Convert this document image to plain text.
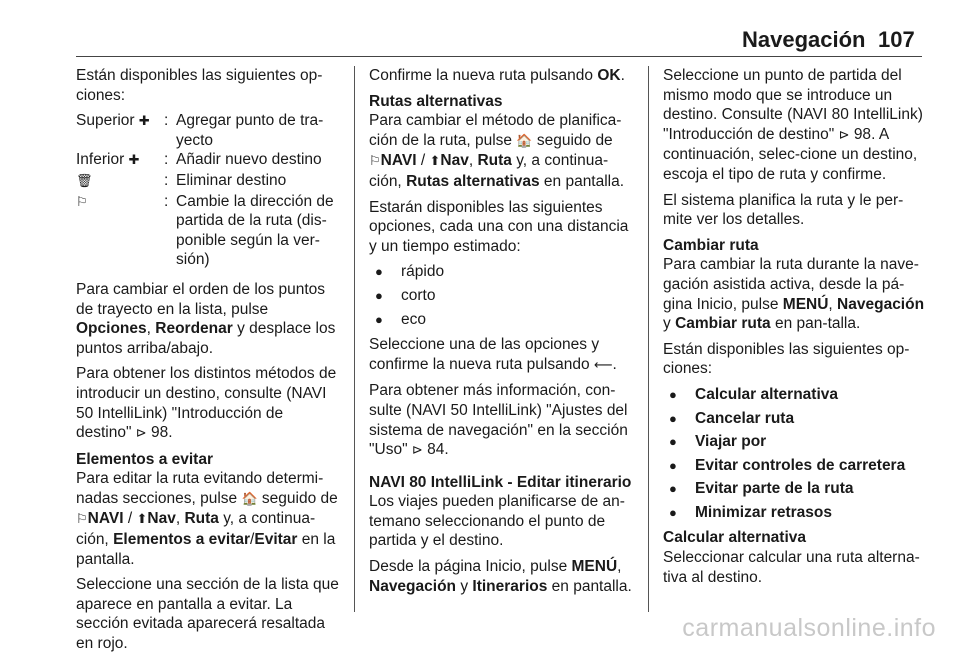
Navegación 107

Están disponibles las siguientes op-ciones:

Superior ✚ : Agregar punto de tra-yecto
Inferior ✚	: Añadir nuevo destino
🗑	: Eliminar destino
⚐	: Cambie la dirección de partida de la ruta (dis-ponible según la ver-sión)

Para cambiar el orden de los puntos de trayecto en la lista, pulse Opciones, Reordenar y desplace los puntos arriba/abajo.

Para obtener los distintos métodos de introducir un destino, consulte (NAVI 50 IntelliLink) "Introducción de destino" ⊳ 98.

Elementos a evitar

Para editar la ruta evitando determi-nadas secciones, pulse 🏠 seguido de ⚐NAVI / ⬆Nav, Ruta y, a continua-ción, Elementos a evitar/Evitar en la pantalla.

Seleccione una sección de la lista que aparece en pantalla a evitar. La sección evitada aparecerá resaltada en rojo.

Confirme la nueva ruta pulsando OK.

Rutas alternativas

Para cambiar el método de planifica-ción de la ruta, pulse 🏠 seguido de ⚐NAVI / ⬆Nav, Ruta y, a continua-ción, Rutas alternativas en pantalla.

Estarán disponibles las siguientes opciones, cada una con una distancia y un tiempo estimado:

● rápido
● corto
● eco

Seleccione una de las opciones y confirme la nueva ruta pulsando ⟵.

Para obtener más información, con-sulte (NAVI 50 IntelliLink) "Ajustes del sistema de navegación" en la sección "Uso" ⊳ 84.

NAVI 80 IntelliLink - Editar itinerario

Los viajes pueden planificarse de an-temano seleccionando el punto de partida y el destino.

Desde la página Inicio, pulse MENÚ, Navegación y Itinerarios en pantalla.

Seleccione un punto de partida del mismo modo que se introduce un destino. Consulte (NAVI 80 IntelliLink) "Introducción de destino" ⊳ 98. A continuación, selec-cione un destino, escoja el tipo de ruta y confirme.

El sistema planifica la ruta y le per-mite ver los detalles.

Cambiar ruta

Para cambiar la ruta durante la nave-gación asistida activa, desde la pá-gina Inicio, pulse MENÚ, Navegación y Cambiar ruta en pan-talla.

Están disponibles las siguientes op-ciones:

● Calcular alternativa
● Cancelar ruta
● Viajar por
● Evitar controles de carretera
● Evitar parte de la ruta
● Minimizar retrasos
Calcular alternativa

Seleccionar calcular una ruta alterna-tiva al destino.

carmanualsonline.info
